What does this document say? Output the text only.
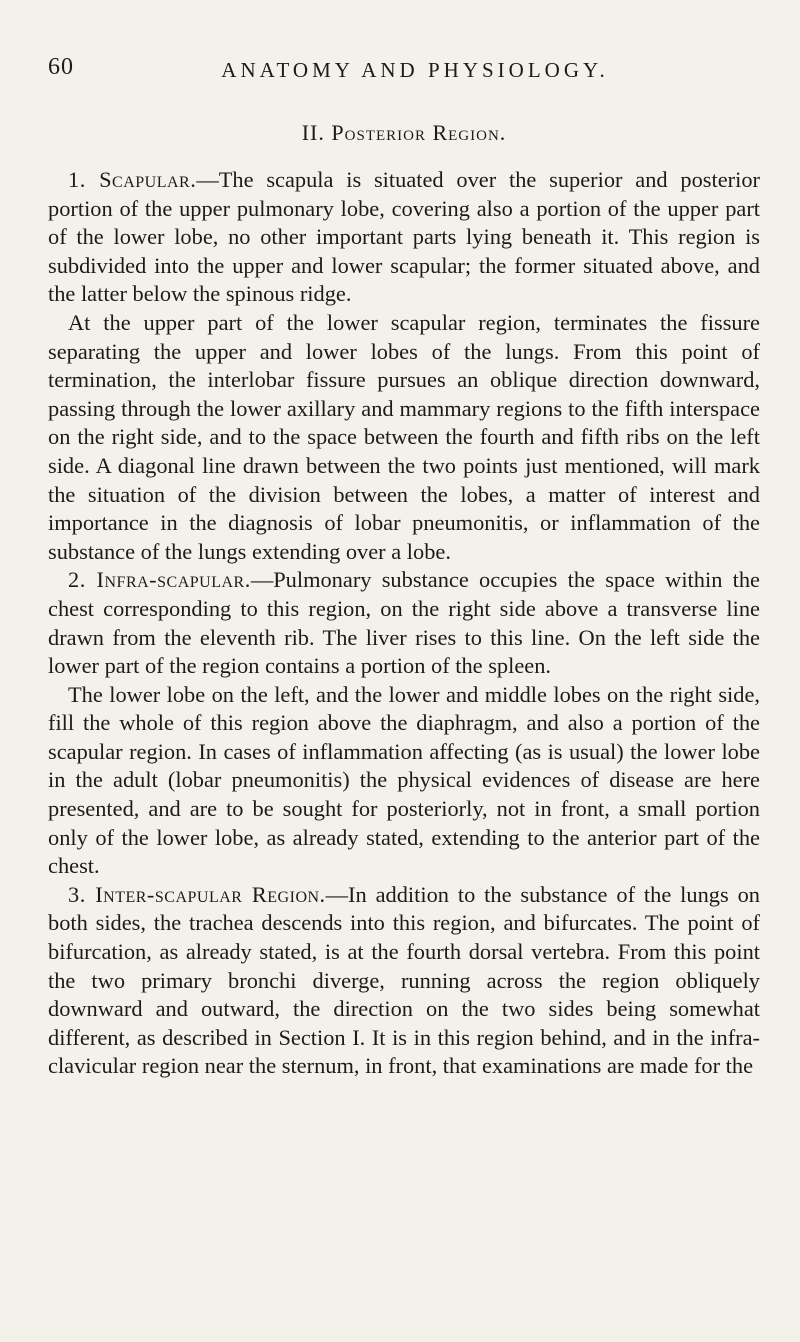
60	ANATOMY AND PHYSIOLOGY.
II. Posterior Region.

1. Scapular.—The scapula is situated over the superior and posterior portion of the upper pulmonary lobe, covering also a portion of the upper part of the lower lobe, no other important parts lying beneath it. This region is subdivided into the upper and lower scapular; the former situated above, and the latter below the spinous ridge.

At the upper part of the lower scapular region, terminates the fissure separating the upper and lower lobes of the lungs. From this point of termination, the interlobar fissure pursues an oblique direction downward, passing through the lower axillary and mammary regions to the fifth interspace on the right side, and to the space between the fourth and fifth ribs on the left side. A diagonal line drawn between the two points just mentioned, will mark the situation of the division between the lobes, a matter of interest and importance in the diagnosis of lobar pneumonitis, or inflammation of the substance of the lungs extending over a lobe.

2. Infra-scapular.—Pulmonary substance occupies the space within the chest corresponding to this region, on the right side above a transverse line drawn from the eleventh rib. The liver rises to this line. On the left side the lower part of the region contains a portion of the spleen.

The lower lobe on the left, and the lower and middle lobes on the right side, fill the whole of this region above the diaphragm, and also a portion of the scapular region. In cases of inflammation affecting (as is usual) the lower lobe in the adult (lobar pneumonitis) the physical evidences of disease are here presented, and are to be sought for posteriorly, not in front, a small portion only of the lower lobe, as already stated, extending to the anterior part of the chest.

3. Inter-scapular Region.—In addition to the substance of the lungs on both sides, the trachea descends into this region, and bifurcates. The point of bifurcation, as already stated, is at the fourth dorsal vertebra. From this point the two primary bronchi diverge, running across the region obliquely downward and outward, the direction on the two sides being somewhat different, as described in Section I. It is in this region behind, and in the infra-clavicular region near the sternum, in front, that examinations are made for the
